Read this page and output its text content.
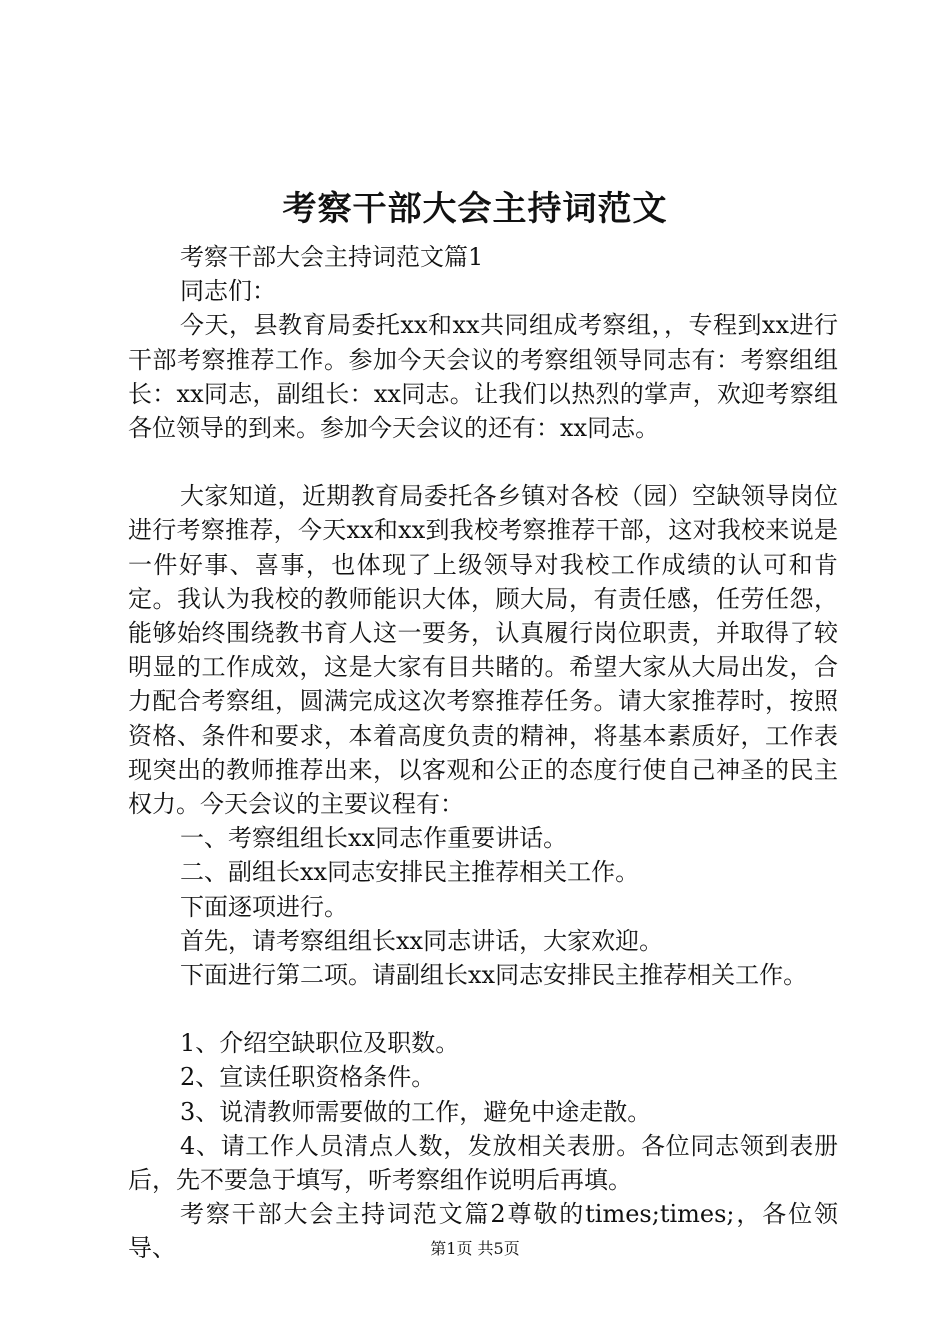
考察干部大会主持词范文

考察干部大会主持词范文篇1

同志们：

今天，县教育局委托xx和xx共同组成考察组，，专程到xx进行干部考察推荐工作。参加今天会议的考察组领导同志有：考察组组长：xx同志，副组长：xx同志。让我们以热烈的掌声，欢迎考察组各位领导的到来。参加今天会议的还有：xx同志。

大家知道，近期教育局委托各乡镇对各校（园）空缺领导岗位进行考察推荐，今天xx和xx到我校考察推荐干部，这对我校来说是一件好事、喜事，也体现了上级领导对我校工作成绩的认可和肯定。我认为我校的教师能识大体，顾大局，有责任感，任劳任怨，能够始终围绕教书育人这一要务，认真履行岗位职责，并取得了较明显的工作成效，这是大家有目共睹的。希望大家从大局出发，合力配合考察组，圆满完成这次考察推荐任务。请大家推荐时，按照资格、条件和要求，本着高度负责的精神，将基本素质好，工作表现突出的教师推荐出来，以客观和公正的态度行使自己神圣的民主权力。今天会议的主要议程有：

一、考察组组长xx同志作重要讲话。

二、副组长xx同志安排民主推荐相关工作。

下面逐项进行。

首先，请考察组组长xx同志讲话，大家欢迎。

下面进行第二项。请副组长xx同志安排民主推荐相关工作。

1、介绍空缺职位及职数。

2、宣读任职资格条件。

3、说清教师需要做的工作，避免中途走散。

4、请工作人员清点人数，发放相关表册。各位同志领到表册后，先不要急于填写，听考察组作说明后再填。

考察干部大会主持词范文篇2尊敬的times;times;，各位领导、	第1页 共5页
